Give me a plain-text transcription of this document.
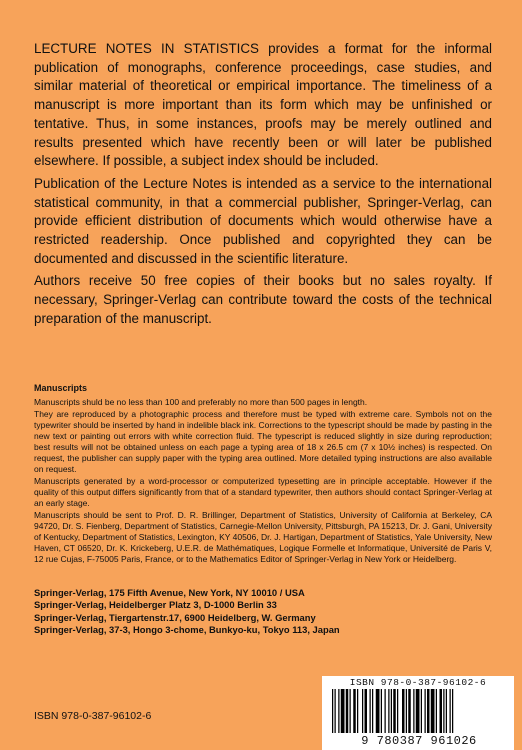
LECTURE NOTES IN STATISTICS provides a format for the informal publication of monographs, conference proceedings, case studies, and similar material of theoretical or empirical importance. The timeliness of a manuscript is more important than its form which may be unfinished or tentative. Thus, in some instances, proofs may be merely outlined and results presented which have recently been or will later be published elsewhere. If possible, a subject index should be included.

Publication of the Lecture Notes is intended as a service to the international statistical community, in that a commercial publisher, Springer-Verlag, can provide efficient distribution of documents which would otherwise have a restricted readership. Once published and copyrighted they can be documented and discussed in the scientific literature.

Authors receive 50 free copies of their books but no sales royalty. If necessary, Springer-Verlag can contribute toward the costs of the technical preparation of the manuscript.

Manuscripts

Manuscripts shuld be no less than 100 and preferably no more than 500 pages in length.

They are reproduced by a photographic process and therefore must be typed with extreme care. Symbols not on the typewriter should be inserted by hand in indelible black ink. Corrections to the typescript should be made by pasting in the new text or painting out errors with white correction fluid. The typescript is reduced slightly in size during reproduction; best results will not be obtained unless on each page a typing area of 18 x 26.5 cm (7 x 10½ inches) is respected. On request, the publisher can supply paper with the typing area outlined. More detailed typing instructions are also available on request.

Manuscripts generated by a word-processor or computerized typesetting are in principle acceptable. However if the quality of this output differs significantly from that of a standard typewriter, then authors should contact Springer-Verlag at an early stage.

Manuscripts should be sent to Prof. D. R. Brillinger, Department of Statistics, University of California at Berkeley, CA 94720, Dr. S. Fienberg, Department of Statistics, Carnegie-Mellon University, Pittsburgh, PA 15213, Dr. J. Gani, University of Kentucky, Department of Statistics, Lexington, KY 40506, Dr. J. Hartigan, Department of Statistics, Yale University, New Haven, CT 06520, Dr. K. Krickeberg, U.E.R. de Mathématiques, Logique Formelle et Informatique, Université de Paris V, 12 rue Cujas, F-75005 Paris, France, or to the Mathematics Editor of Springer-Verlag in New York or Heidelberg.

Springer-Verlag, 175 Fifth Avenue, New York, NY 10010 / USA
Springer-Verlag, Heidelberger Platz 3, D-1000 Berlin 33
Springer-Verlag, Tiergartenstr.17, 6900 Heidelberg, W. Germany
Springer-Verlag, 37-3, Hongo 3-chome, Bunkyo-ku, Tokyo 113, Japan
ISBN 978-0-387-96102-6
ISBN 978-0-387-96102-6
9 780387 961026
